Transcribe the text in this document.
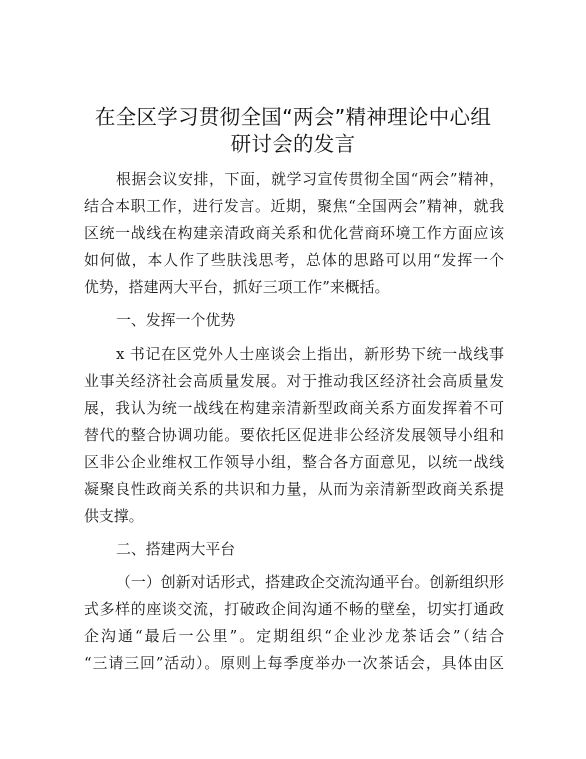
在全区学习贯彻全国“两会”精神理论中心组
研讨会的发言
根据会议安排，下面，就学习宣传贯彻全国“两会”精神，
结合本职工作，进行发言。近期，聚焦“全国两会”精神，就我
区统一战线在构建亲清政商关系和优化营商环境工作方面应该
如何做，本人作了些肤浅思考，总体的思路可以用“发挥一个
优势，搭建两大平台，抓好三项工作”来概括。
一、发挥一个优势
x 书记在区党外人士座谈会上指出，新形势下统一战线事
业事关经济社会高质量发展。对于推动我区经济社会高质量发
展，我认为统一战线在构建亲清新型政商关系方面发挥着不可
替代的整合协调功能。要依托区促进非公经济发展领导小组和
区非公企业维权工作领导小组，整合各方面意见，以统一战线
凝聚良性政商关系的共识和力量，从而为亲清新型政商关系提
供支撑。
二、搭建两大平台
（一）创新对话形式，搭建政企交流沟通平台。创新组织形
式多样的座谈交流，打破政企间沟通不畅的壁垒，切实打通政
企沟通“最后一公里”。定期组织“企业沙龙茶话会”（结合
“三请三回”活动）。原则上每季度举办一次茶话会，具体由区
